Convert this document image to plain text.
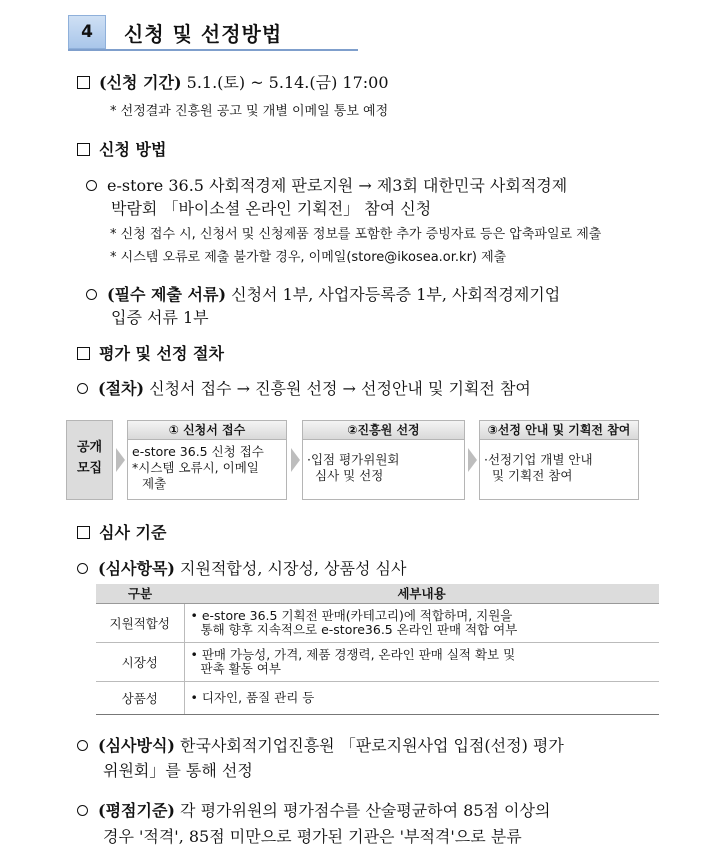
4	신청 및 선정방법
(신청 기간) 5.1.(토) ~ 5.14.(금) 17:00
* 선정결과 진흥원 공고 및 개별 이메일 통보 예정
신청 방법
e-store 36.5 사회적경제 판로지원 → 제3회 대한민국 사회적경제
박람회 「바이소셜 온라인 기획전」 참여 신청
* 신청 접수 시, 신청서 및 신청제품 정보를 포함한 추가 증빙자료 등은 압축파일로 제출
* 시스템 오류로 제출 불가할 경우, 이메일(store@ikosea.or.kr) 제출
(필수 제출 서류) 신청서 1부, 사업자등록증 1부, 사회적경제기업
입증 서류 1부
평가 및 선정 절차
(절차) 신청서 접수 → 진흥원 선정 → 선정안내 및 기획전 참여
공개
모집
① 신청서 접수
e-store 36.5 신청 접수
*시스템 오류시, 이메일
제출
②진흥원 선정
·입점 평가위원회
심사 및 선정
③선정 안내 및 기획전 참여
·선정기업 개별 안내
및 기획전 참여
심사 기준
(심사항목) 지원적합성, 시장성, 상품성 심사
구분	세부내용
지원적합성	• e-store 36.5 기획전 판매(카테고리)에 적합하며, 지원을
통해 향후 지속적으로 e-store36.5 온라인 판매 적합 여부

시장성	• 판매 가능성, 가격, 제품 경쟁력, 온라인 판매 실적 확보 및
판촉 활동 여부

상품성	• 디자인, 품질 관리 등
(심사방식) 한국사회적기업진흥원 「판로지원사업 입점(선정) 평가
위원회」를 통해 선정
(평점기준) 각 평가위원의 평가점수를 산술평균하여 85점 이상의
경우 '적격', 85점 미만으로 평가된 기관은 '부적격'으로 분류
